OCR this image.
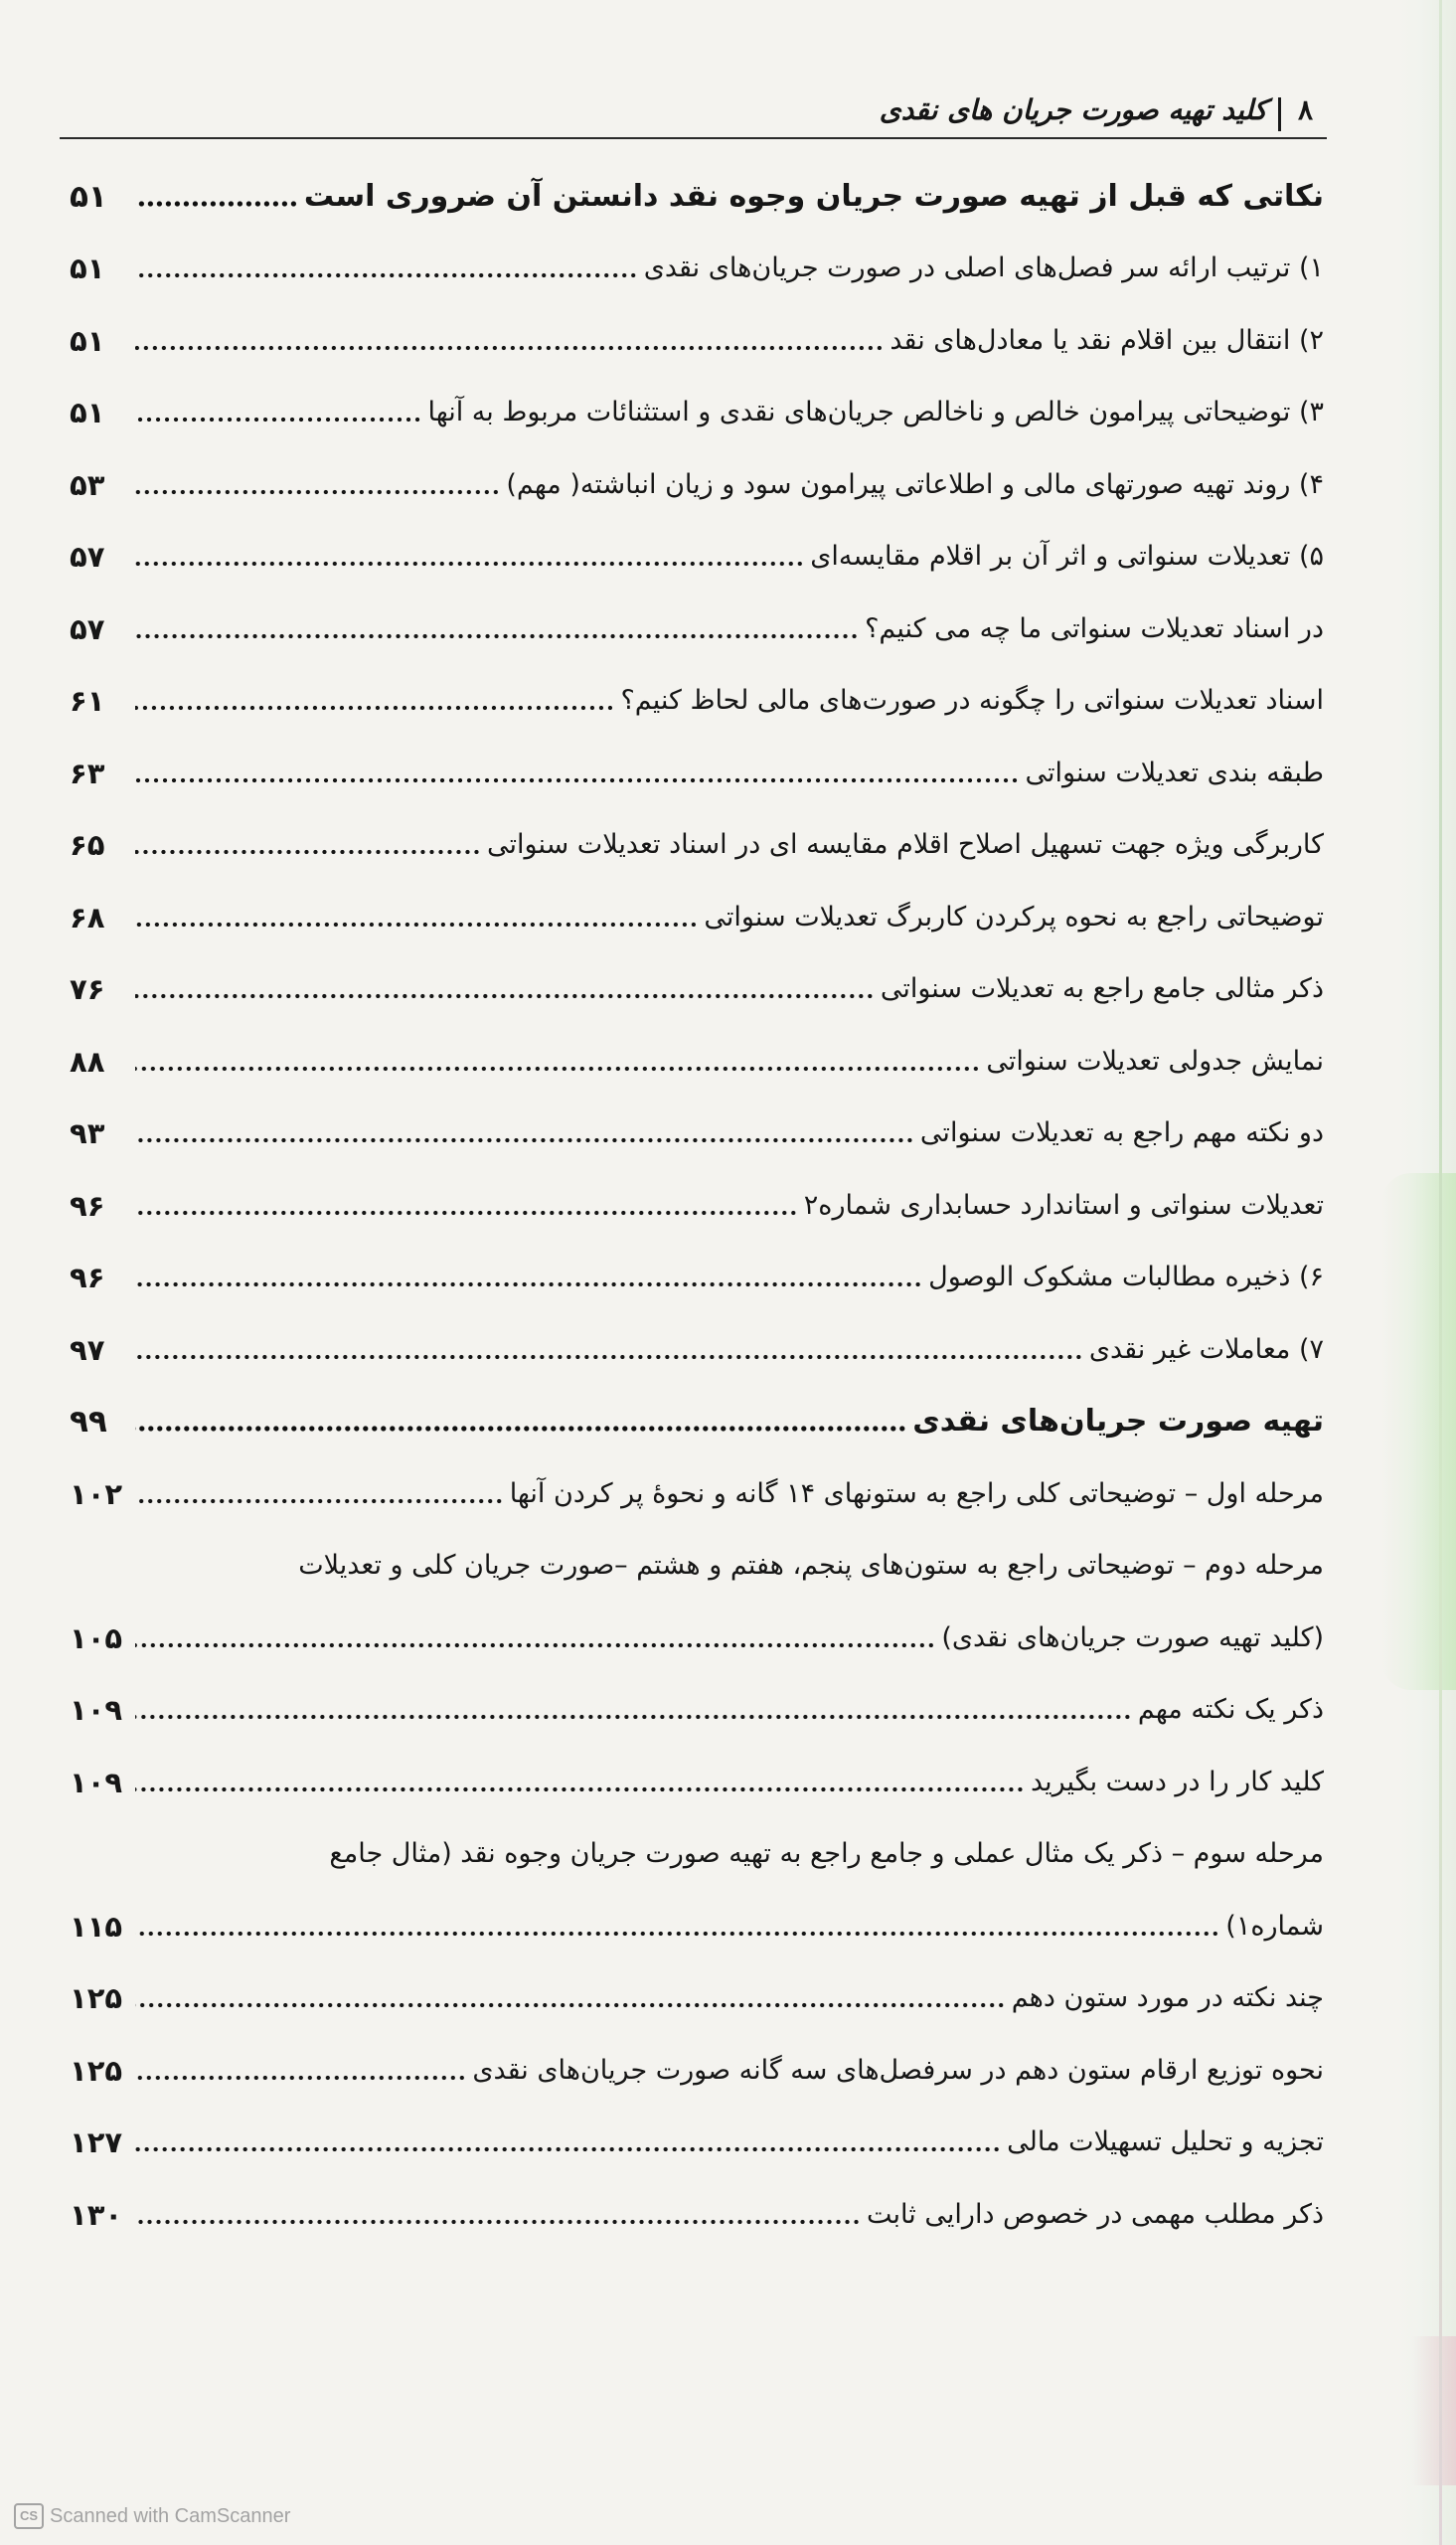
۸
کلید تهیه صورت جریان های نقدی
نکاتی که قبل از تهیه صورت جریان وجوه نقد دانستن آن ضروری است
۵۱
۱) ترتیب ارائه سر فصل‌های اصلی در صورت جریان‌های نقدی
۵۱
۲) انتقال بین اقلام نقد یا معادل‌های نقد
۵۱
۳) توضیحاتی پیرامون خالص و ناخالص جریان‌های نقدی و استثنائات مربوط به آنها
۵۱
۴) روند تهیه صورتهای مالی و اطلاعاتی پیرامون سود و زیان انباشته( مهم)
۵۳
۵) تعدیلات سنواتی و اثر آن بر اقلام مقایسه‌ای
۵۷
در اسناد تعدیلات سنواتی ما چه می کنیم؟
۵۷
اسناد تعدیلات سنواتی را چگونه در صورت‌های مالی لحاظ کنیم؟
۶۱
طبقه بندی تعدیلات سنواتی
۶۳
کاربرگی ویژه جهت تسهیل اصلاح اقلام مقایسه ای در اسناد تعدیلات سنواتی
۶۵
توضیحاتی راجع به نحوه پرکردن کاربرگ تعدیلات سنواتی
۶۸
ذکر مثالی جامع راجع به تعدیلات سنواتی
۷۶
نمایش جدولی تعدیلات سنواتی
۸۸
دو نکته مهم راجع به تعدیلات سنواتی
۹۳
تعدیلات سنواتی و استاندارد حسابداری شماره۲
۹۶
۶) ذخیره مطالبات مشکوک الوصول
۹۶
۷) معاملات غیر نقدی
۹۷
تهیه صورت جریان‌های نقدی
۹۹
مرحله اول – توضیحاتی کلی راجع به ستونهای ۱۴ گانه و نحوهٔ پر کردن آنها
۱۰۲
مرحله دوم – توضیحاتی راجع به ستون‌های پنجم، هفتم و هشتم –صورت جریان کلی و تعدیلات
(کلید تهیه صورت جریان‌های نقدی)
۱۰۵
ذکر یک نکته مهم
۱۰۹
کلید کار را در دست بگیرید
۱۰۹
مرحله سوم – ذکر یک مثال عملی و جامع راجع به تهیه صورت جریان وجوه نقد (مثال جامع
شماره۱)
۱۱۵
چند نکته در مورد ستون دهم
۱۲۵
نحوه توزیع ارقام ستون دهم در سرفصل‌های سه گانه صورت جریان‌های نقدی
۱۲۵
تجزیه و تحلیل تسهیلات مالی
۱۲۷
ذکر مطلب مهمی در خصوص دارایی ثابت
۱۳۰
CS Scanned with CamScanner
